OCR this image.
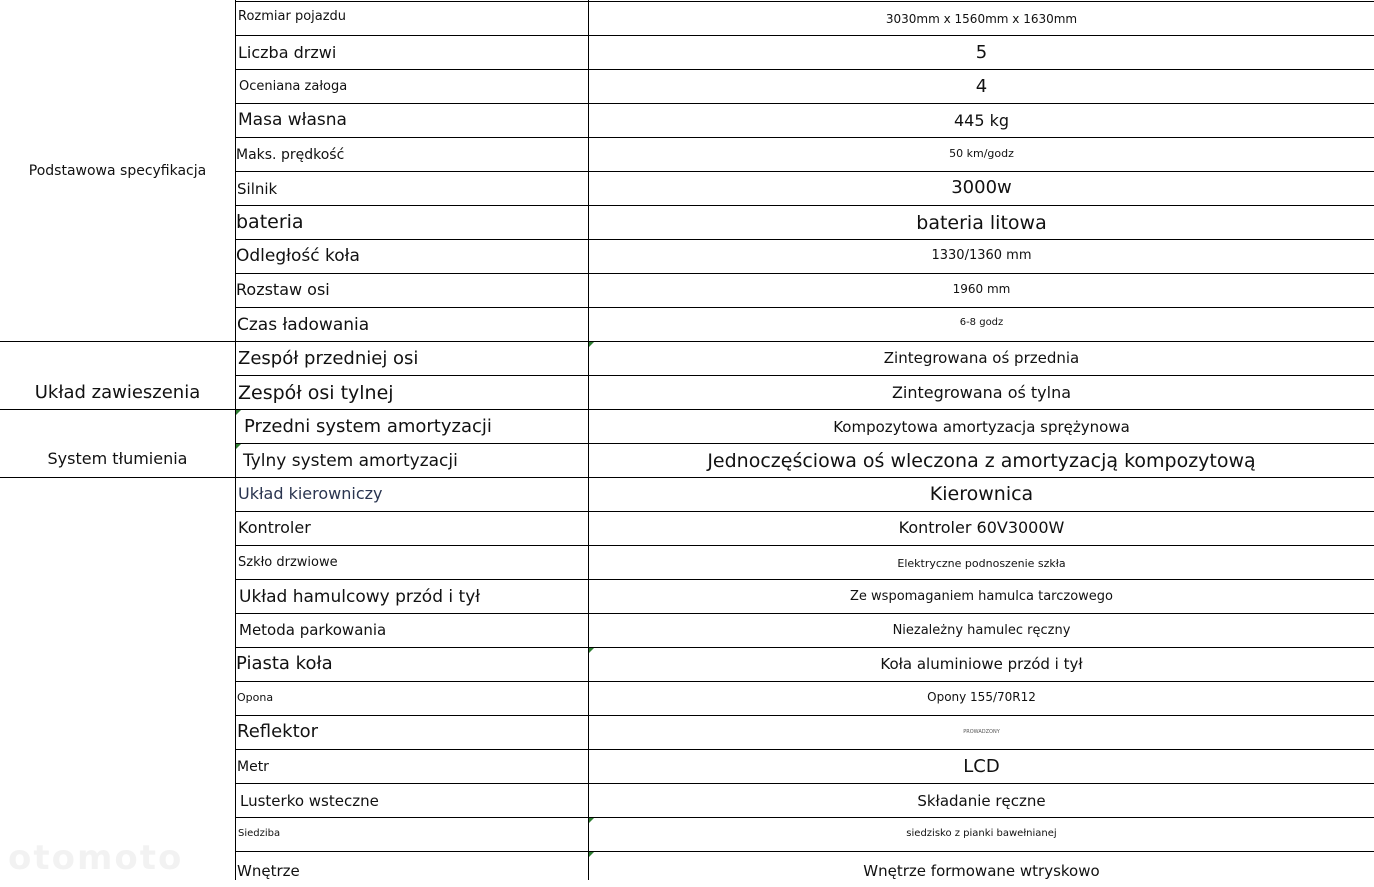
Podstawowa specyfikacja
Układ zawieszenia
System tłumienia
Rozmiar pojazdu
Liczba drzwi
Oceniana załoga
Masa własna
Maks. prędkość
Silnik
bateria
Odległość koła
Rozstaw osi
Czas ładowania
Zespół przedniej osi
Zespół osi tylnej
Przedni system amortyzacji
Tylny system amortyzacji
Układ kierowniczy
Kontroler
Szkło drzwiowe
Układ hamulcowy przód i tył
Metoda parkowania
Piasta koła
Opona
Reflektor
Metr
Lusterko wsteczne
Siedziba
Wnętrze
3030mm x 1560mm x 1630mm
5
4
445 kg
50 km/godz
3000w
bateria litowa
1330/1360 mm
1960 mm
6-8 godz
Zintegrowana oś przednia
Zintegrowana oś tylna
Kompozytowa amortyzacja sprężynowa
Jednoczęściowa oś wleczona z amortyzacją kompozytową
Kierownica
Kontroler 60V3000W
Elektryczne podnoszenie szkła
Ze wspomaganiem hamulca tarczowego
Niezależny hamulec ręczny
Koła aluminiowe przód i tył
Opony 155/70R12
PROWADZONY
LCD
Składanie ręczne
siedzisko z pianki bawełnianej
Wnętrze formowane wtryskowo
otomoto
